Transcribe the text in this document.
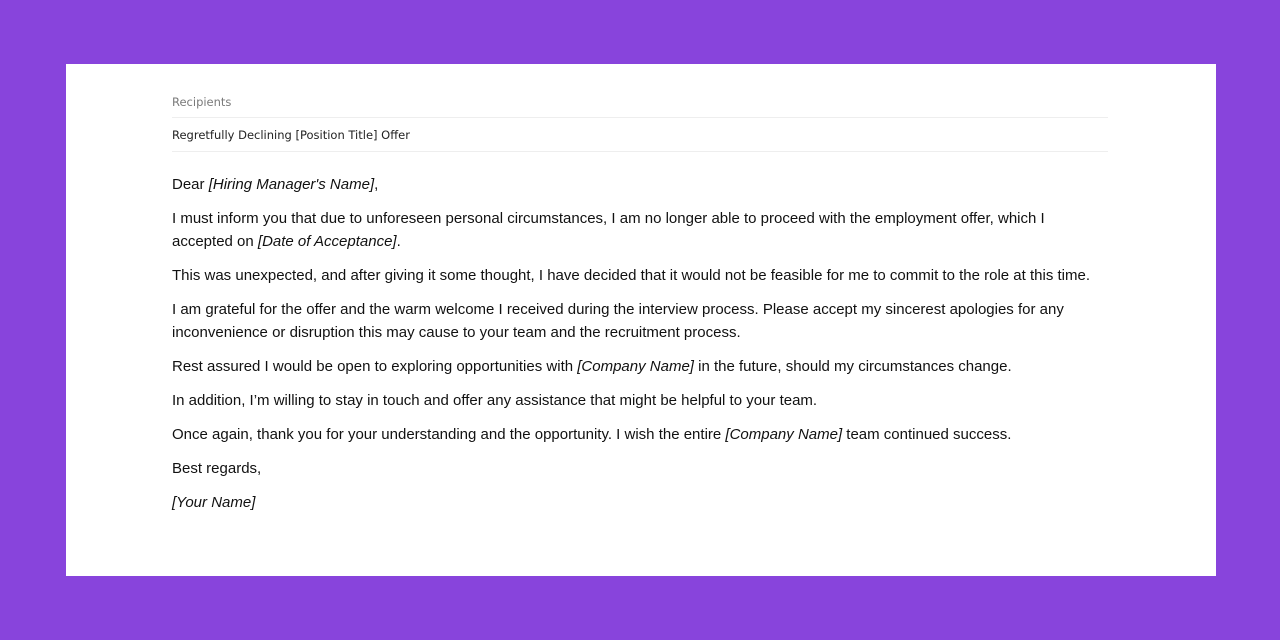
Recipients
Regretfully Declining [Position Title] Offer

Dear [Hiring Manager's Name],

I must inform you that due to unforeseen personal circumstances, I am no longer able to proceed with the employment offer, which I accepted on [Date of Acceptance].

This was unexpected, and after giving it some thought, I have decided that it would not be feasible for me to commit to the role at this time.

I am grateful for the offer and the warm welcome I received during the interview process. Please accept my sincerest apologies for any inconvenience or disruption this may cause to your team and the recruitment process.

Rest assured I would be open to exploring opportunities with [Company Name] in the future, should my circumstances change.

In addition, I’m willing to stay in touch and offer any assistance that might be helpful to your team.

Once again, thank you for your understanding and the opportunity. I wish the entire [Company Name] team continued success.

Best regards,

[Your Name]
